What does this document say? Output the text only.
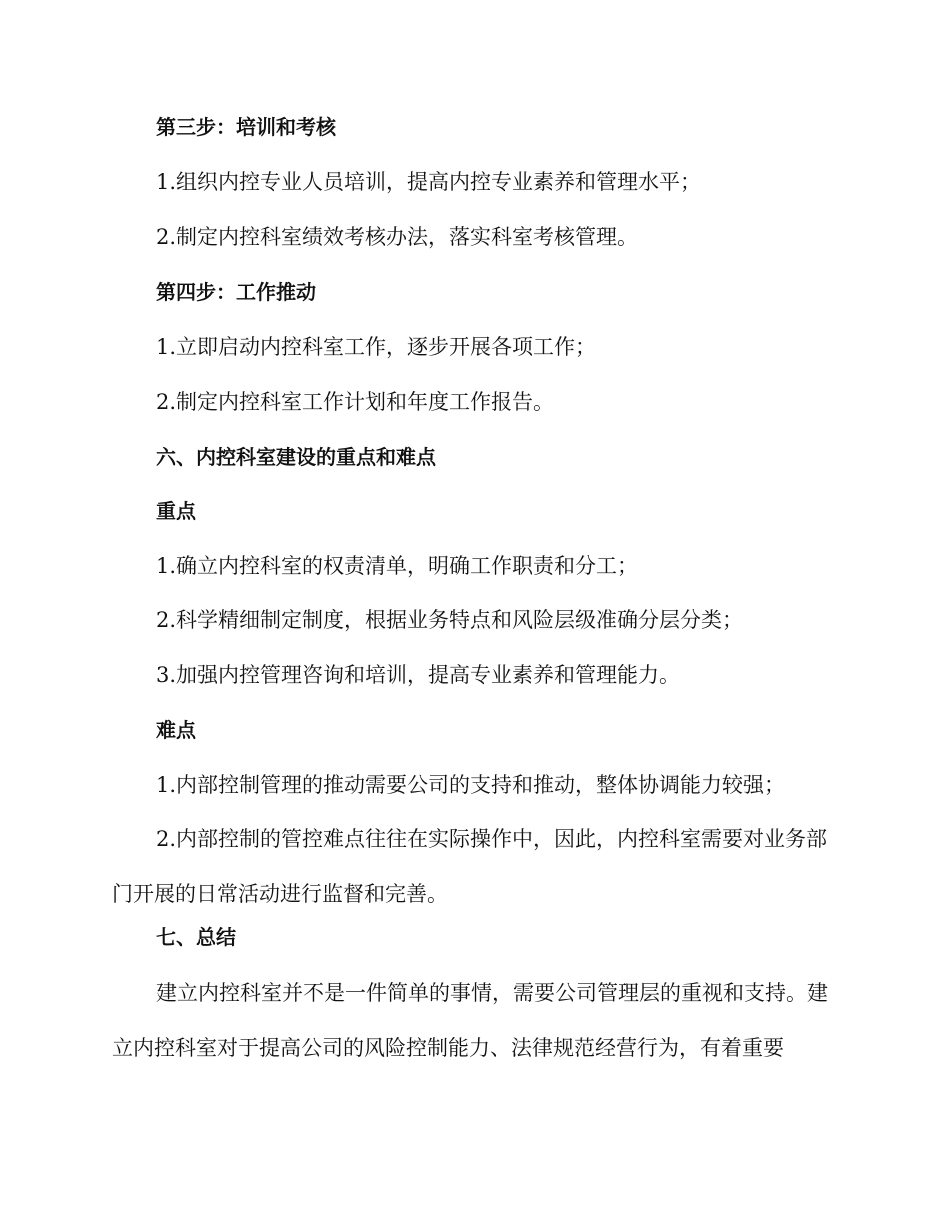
第三步：培训和考核
1.组织内控专业人员培训，提高内控专业素养和管理水平；
2.制定内控科室绩效考核办法，落实科室考核管理。
第四步：工作推动
1.立即启动内控科室工作，逐步开展各项工作；
2.制定内控科室工作计划和年度工作报告。
六、内控科室建设的重点和难点
重点
1.确立内控科室的权责清单，明确工作职责和分工；
2.科学精细制定制度，根据业务特点和风险层级准确分层分类；
3.加强内控管理咨询和培训，提高专业素养和管理能力。
难点
1.内部控制管理的推动需要公司的支持和推动，整体协调能力较强；
2.内部控制的管控难点往往在实际操作中，因此，内控科室需要对业务部门开展的日常活动进行监督和完善。
七、总结
建立内控科室并不是一件简单的事情，需要公司管理层的重视和支持。建立内控科室对于提高公司的风险控制能力、法律规范经营行为，有着重要
